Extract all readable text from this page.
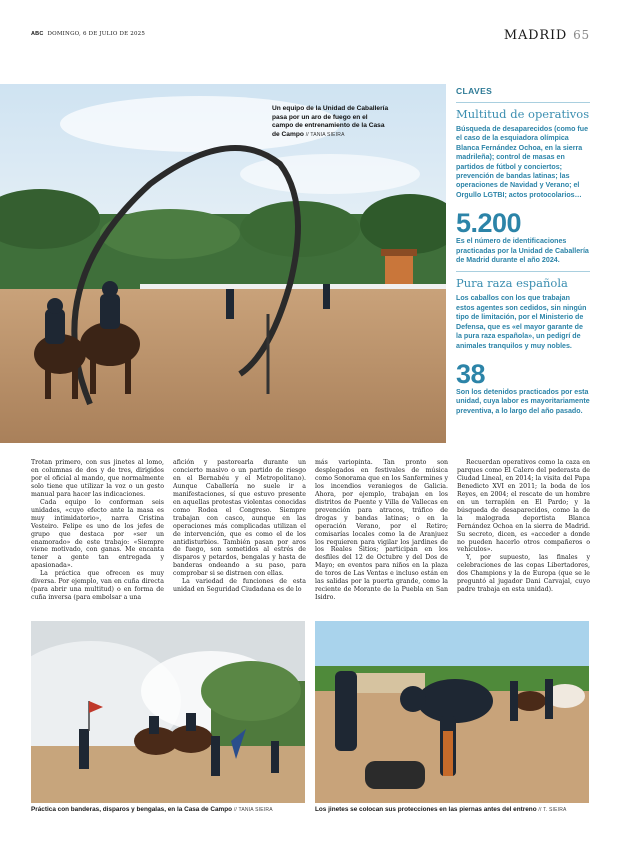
ABC DOMINGO, 6 DE JULIO DE 2025	MADRID 65
Un equipo de la Unidad de Caballería pasa por un aro de fuego en el campo de entrenamiento de la Casa de Campo // TANIA SIEIRA
CLAVES
Multitud de operativos
Búsqueda de desaparecidos (como fue el caso de la esquiadora olímpica Blanca Fernández Ochoa, en la sierra madrileña); control de masas en partidos de fútbol y conciertos; prevención de bandas latinas; las operaciones de Navidad y Verano; el Orgullo LGTBI; actos protocolarios…
5.200
Es el número de identificaciones practicadas por la Unidad de Caballería de Madrid durante el año 2024.
Pura raza española
Los caballos con los que trabajan estos agentes son cedidos, sin ningún tipo de limitación, por el Ministerio de Defensa, que es «el mayor garante de la pura raza española», un pedigrí de animales tranquilos y muy nobles.
38
Son los detenidos practicados por esta unidad, cuya labor es mayoritariamente preventiva, a lo largo del año pasado.

Trotan primero, con sus jinetes al lomo, en columnas de dos y de tres, dirigidos por el oficial al mando, que normalmente solo tiene que utilizar la voz o un gesto manual para hacer las indicaciones.

Cada equipo lo conforman seis unidades, «cuyo efecto ante la masa es muy intimidatorio», narra Cristina Vesteiro. Felipe es uno de los jefes de grupo que destaca por «ser un enamorado» de este trabajo: «Siempre viene motivado, con ganas. Me encanta tener a gente tan entregada y apasionada».

La práctica que ofrecen es muy diversa. Por ejemplo, van en cuña directa (para abrir una multitud) o en forma de cuña inversa (para embolsar a una

afición y pastorearla durante un concierto masivo o un partido de riesgo en el Bernabéu y el Metropolitano). Aunque Caballería no suele ir a manifestaciones, sí que estuvo presente en aquellas protestas violentas conocidas como Rodea el Congreso. Siempre trabajan con casco, aunque en las operaciones más complicadas utilizan el de intervención, que es como el de los antidisturbios. También pasan por aros de fuego, son sometidos al estrés de disparos y petardos, bengalas y hasta de banderas ondeando a su paso, para comprobar si se distraen con ellas.

La variedad de funciones de esta unidad en Seguridad Ciudadana es de lo

más variopinta. Tan pronto son desplegados en festivales de música como Sonorama que en los Sanfermines y los incendios veraniegos de Galicia. Ahora, por ejemplo, trabajan en los distritos de Puente y Villa de Vallecas en prevención para atracos, tráfico de drogas y bandas latinas; o en la operación Verano, por el Retiro; comisarías locales como la de Aranjuez los requieren para vigilar los jardines de los Reales Sitios; participan en los desfiles del 12 de Octubre y del Dos de Mayo; en eventos para niños en la plaza de toros de Las Ventas e incluso están en las salidas por la puerta grande, como la reciente de Morante de la Puebla en San Isidro.

Recuerdan operativos como la caza en parques como El Calero del pederasta de Ciudad Lineal, en 2014; la visita del Papa Benedicto XVI en 2011; la boda de los Reyes, en 2004; el rescate de un hombre en un terraplén en El Pardo; y la búsqueda de desaparecidos, como la de la malograda deportista Blanca Fernández Ochoa en la sierra de Madrid. Su secreto, dicen, es «acceder a donde no pueden hacerlo otros compañeros o vehículos».

Y, por supuesto, las finales y celebraciones de las copas Libertadores, dos Champions y la de Europa (que se le preguntó al jugador Dani Carvajal, cuyo padre trabaja en esta unidad).

Práctica con banderas, disparos y bengalas, en la Casa de Campo // TANIA SIEIRA	Los jinetes se colocan sus protecciones en las piernas antes del entreno // T. SIEIRA
